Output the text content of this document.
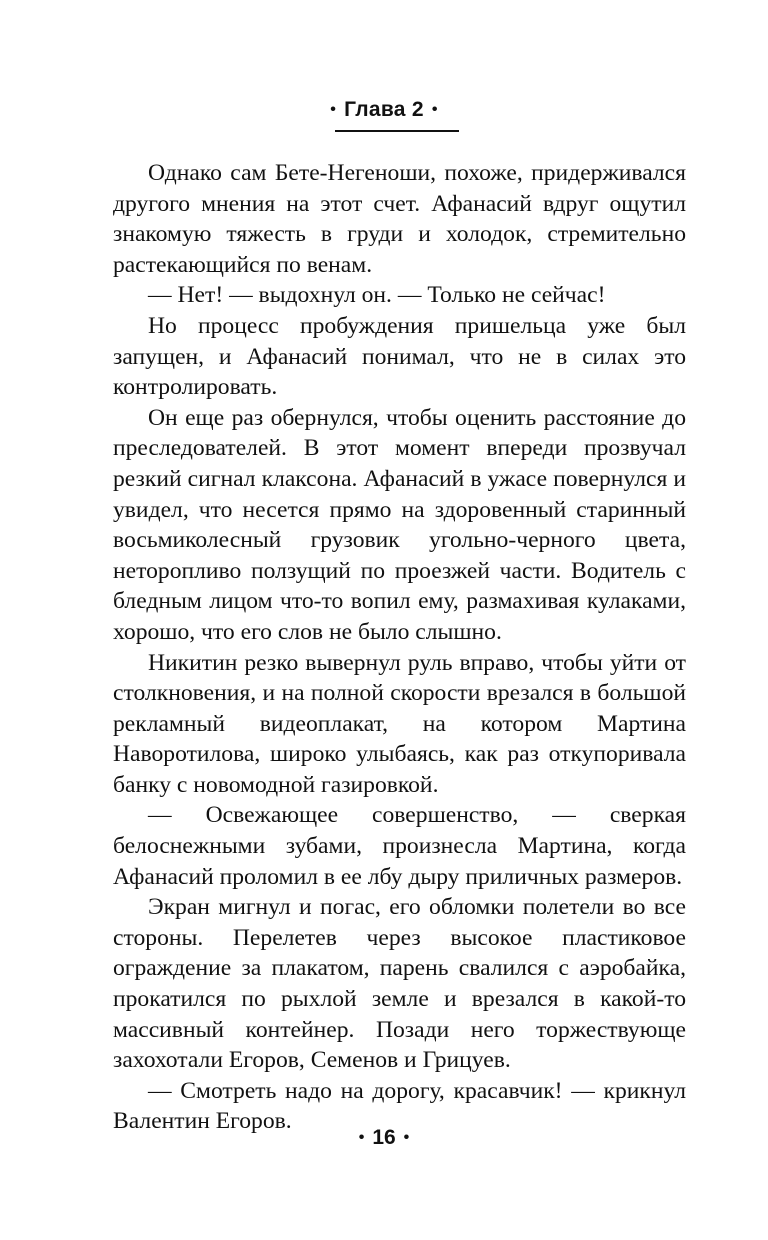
• Глава 2 •

Однако сам Бете-Негеноши, похоже, придерживался другого мнения на этот счет. Афанасий вдруг ощутил знакомую тяжесть в груди и холодок, стремительно растекающийся по венам.

— Нет! — выдохнул он. — Только не сейчас!

Но процесс пробуждения пришельца уже был запущен, и Афанасий понимал, что не в силах это контролировать.

Он еще раз обернулся, чтобы оценить расстояние до преследователей. В этот момент впереди прозвучал резкий сигнал клаксона. Афанасий в ужасе повернулся и увидел, что несется прямо на здоровенный старинный восьмиколесный грузовик угольно-черного цвета, неторопливо ползущий по проезжей части. Водитель с бледным лицом что-то вопил ему, размахивая кулаками, хорошо, что его слов не было слышно.

Никитин резко вывернул руль вправо, чтобы уйти от столкновения, и на полной скорости врезался в большой рекламный видеоплакат, на котором Мартина Наворотилова, широко улыбаясь, как раз откупоривала банку с новомодной газировкой.

— Освежающее совершенство, — сверкая белоснежными зубами, произнесла Мартина, когда Афанасий проломил в ее лбу дыру приличных размеров.

Экран мигнул и погас, его обломки полетели во все стороны. Перелетев через высокое пластиковое ограждение за плакатом, парень свалился с аэробайка, прокатился по рыхлой земле и врезался в какой-то массивный контейнер. Позади него торжествующе захохотали Егоров, Семенов и Грицуев.

— Смотреть надо на дорогу, красавчик! — крикнул Валентин Егоров.

• 16 •
